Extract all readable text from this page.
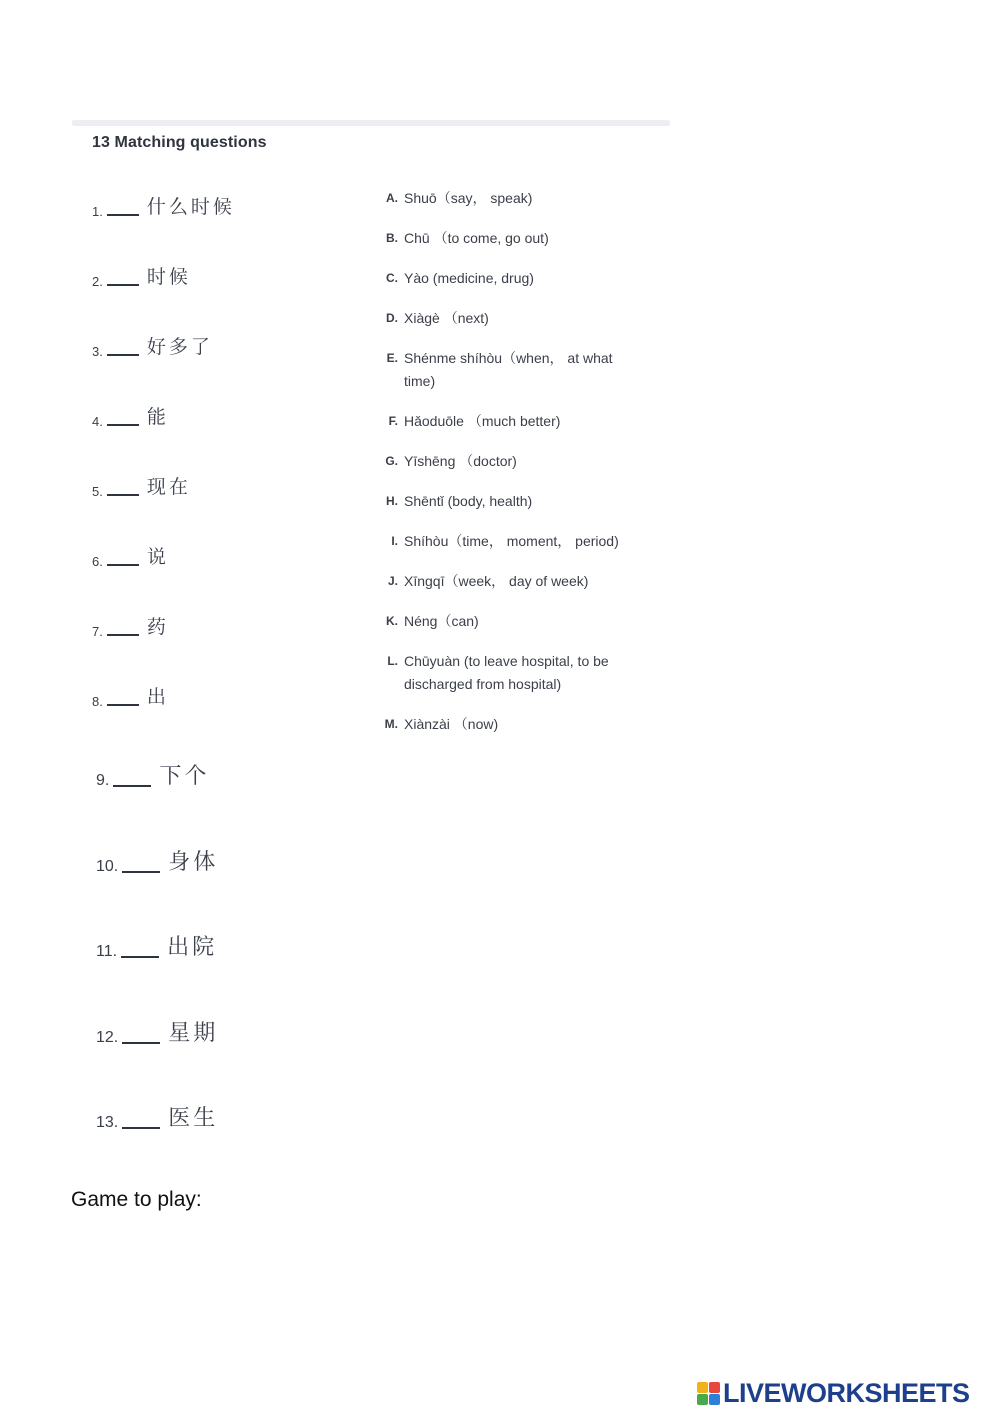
13 Matching questions
1. 什么时候
2. 时候
3. 好多了
4. 能
5. 现在
6. 说
7. 药
8. 出
9. 下个
10. 身体
11. 出院
12. 星期
13. 医生
A. Shuō（say， speak)
B. Chū （to come, go out)
C. Yào (medicine, drug)
D. Xiàgè （next)
E. Shénme shíhòu（when， at what time)
F. Hǎoduōle （much better)
G. Yīshēng （doctor)
H. Shēntǐ (body, health)
I. Shíhòu（time， moment， period)
J. Xīngqī（week， day of week)
K. Néng（can)
L. Chūyuàn (to leave hospital, to be discharged from hospital)
M. Xiànzài （now)
Game to play:
LIVEWORKSHEETS
